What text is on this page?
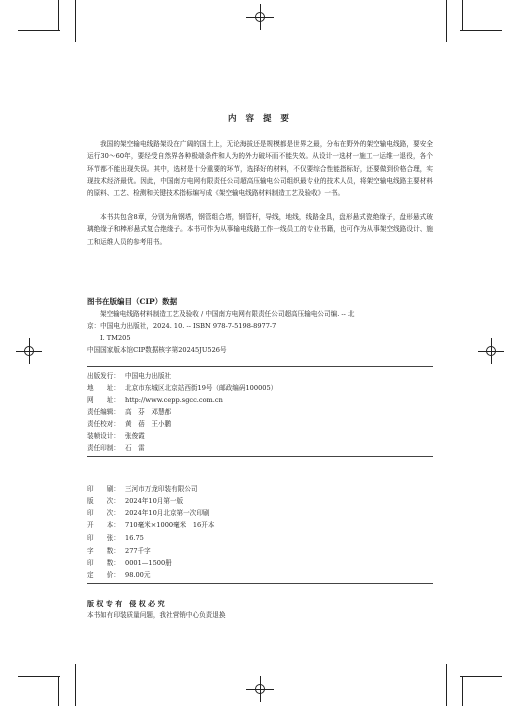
内 容 提 要
我国的架空输电线路架设在广阔的国土上，无论海拔还是规模都是世界之最，分布在野外的架空输电线路，要安全运行30～60年，要经受自然界各种极端条件和人为的外力破坏而不能失效。从设计一选材一施工一运维一退役，各个环节都不能出现失误。其中，选材是十分重要的环节，选择好的材料，不仅要综合性能指标好，还要做到价格合理，实现技术经济最优。因此，中国南方电网有限责任公司超高压输电公司组织最专业的技术人员，将架空输电线路主要材料的原料、工艺、检测和关键技术指标编写成《架空输电线路材料制造工艺及验收》一书。
本书共包含8章，分别为角钢塔，钢管组合塔，钢管杆，导线，地线，线路金具，盘形悬式瓷绝缘子，盘形悬式玻璃绝缘子和棒形悬式复合绝缘子。本书可作为从事输电线路工作一线员工的专业书籍，也可作为从事架空线路设计、施工和运维人员的参考用书。
图书在版编目（CIP）数据
架空输电线路材料制造工艺及验收 / 中国南方电网有限责任公司超高压输电公司编. -- 北
京：中国电力出版社，2024. 10. -- ISBN 978-7-5198-8977-7
Ⅰ. TM205
中国国家版本馆CIP数据核字第20245JU526号
出版发行： 中国电力出版社
地　　址： 北京市东城区北京站西街19号（邮政编码100005）
网　　址： http://www.cepp.sgcc.com.cn
责任编辑： 高　芬　邓慧都
责任校对： 黄　蓓　王小鹏
装帧设计： 张俊霞
责任印制： 石　雷
印　　刷： 三河市万龙印装有限公司
版　　次： 2024年10月第一版
印　　次： 2024年10月北京第一次印刷
开　　本： 710毫米×1000毫米　16开本
印　　张： 16.75
字　　数： 277千字
印　　数： 0001—1500册
定　　价： 98.00元
版 权 专 有　侵 权 必 究
本书如有印装质量问题，我社营销中心负责退换
